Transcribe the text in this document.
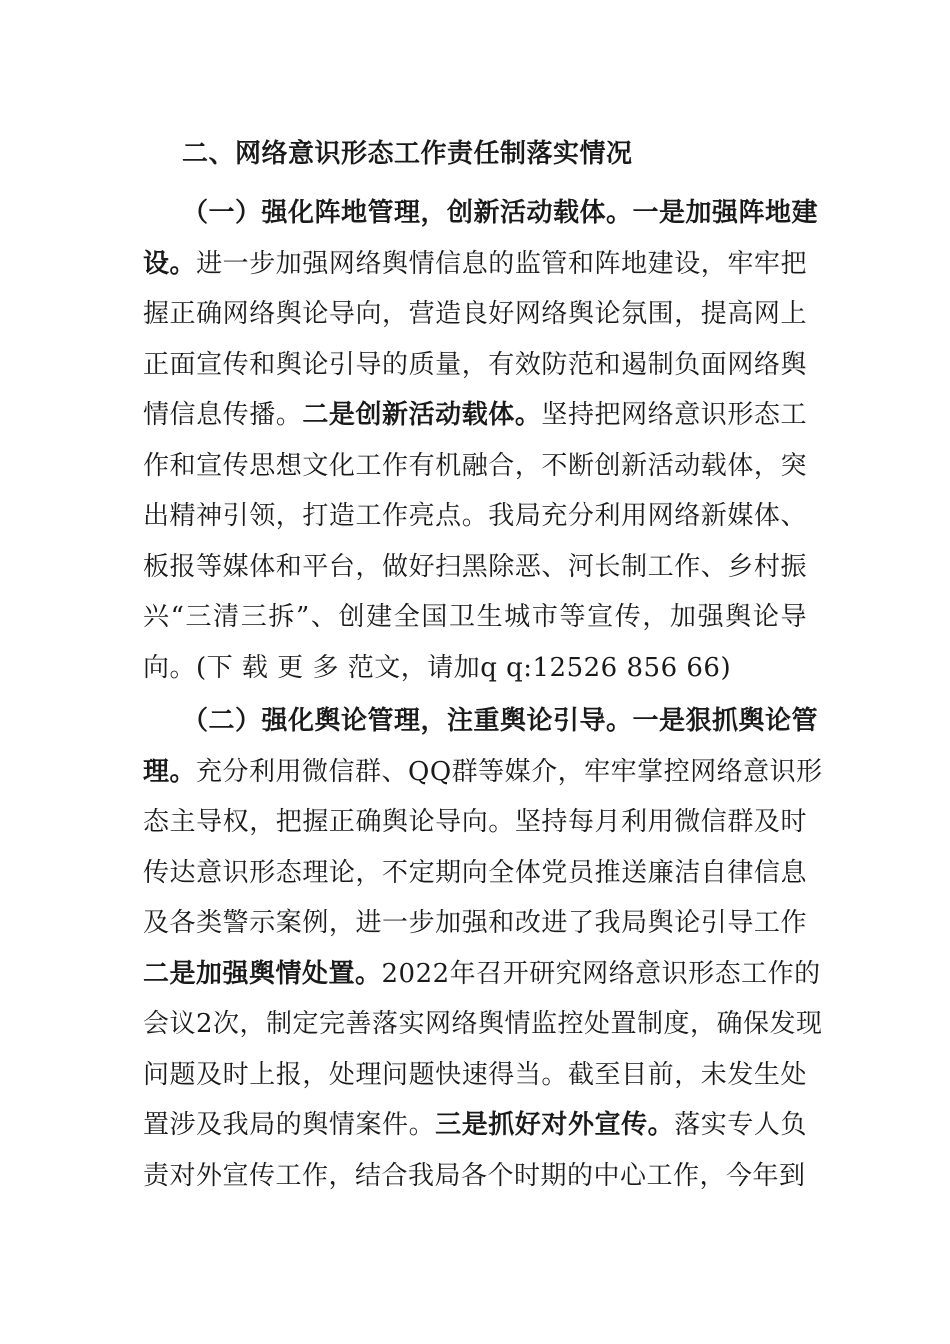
二、网络意识形态工作责任制落实情况
（一）强化阵地管理，创新活动载体。一是加强阵地建
设。进一步加强网络舆情信息的监管和阵地建设，牢牢把
握正确网络舆论导向，营造良好网络舆论氛围，提高网上
正面宣传和舆论引导的质量，有效防范和遏制负面网络舆
情信息传播。二是创新活动载体。坚持把网络意识形态工
作和宣传思想文化工作有机融合，不断创新活动载体，突
出精神引领，打造工作亮点。我局充分利用网络新媒体、
板报等媒体和平台，做好扫黑除恶、河长制工作、乡村振
兴“三清三拆”、创建全国卫生城市等宣传，加强舆论导
向。(下 载 更 多 范文，请加q q:12526 856 66)
（二）强化舆论管理，注重舆论引导。一是狠抓舆论管
理。充分利用微信群、QQ群等媒介，牢牢掌控网络意识形
态主导权，把握正确舆论导向。坚持每月利用微信群及时
传达意识形态理论，不定期向全体党员推送廉洁自律信息
及各类警示案例，进一步加强和改进了我局舆论引导工作
二是加强舆情处置。2022年召开研究网络意识形态工作的
会议2次，制定完善落实网络舆情监控处置制度，确保发现
问题及时上报，处理问题快速得当。截至目前，未发生处
置涉及我局的舆情案件。三是抓好对外宣传。落实专人负
责对外宣传工作，结合我局各个时期的中心工作，今年到
